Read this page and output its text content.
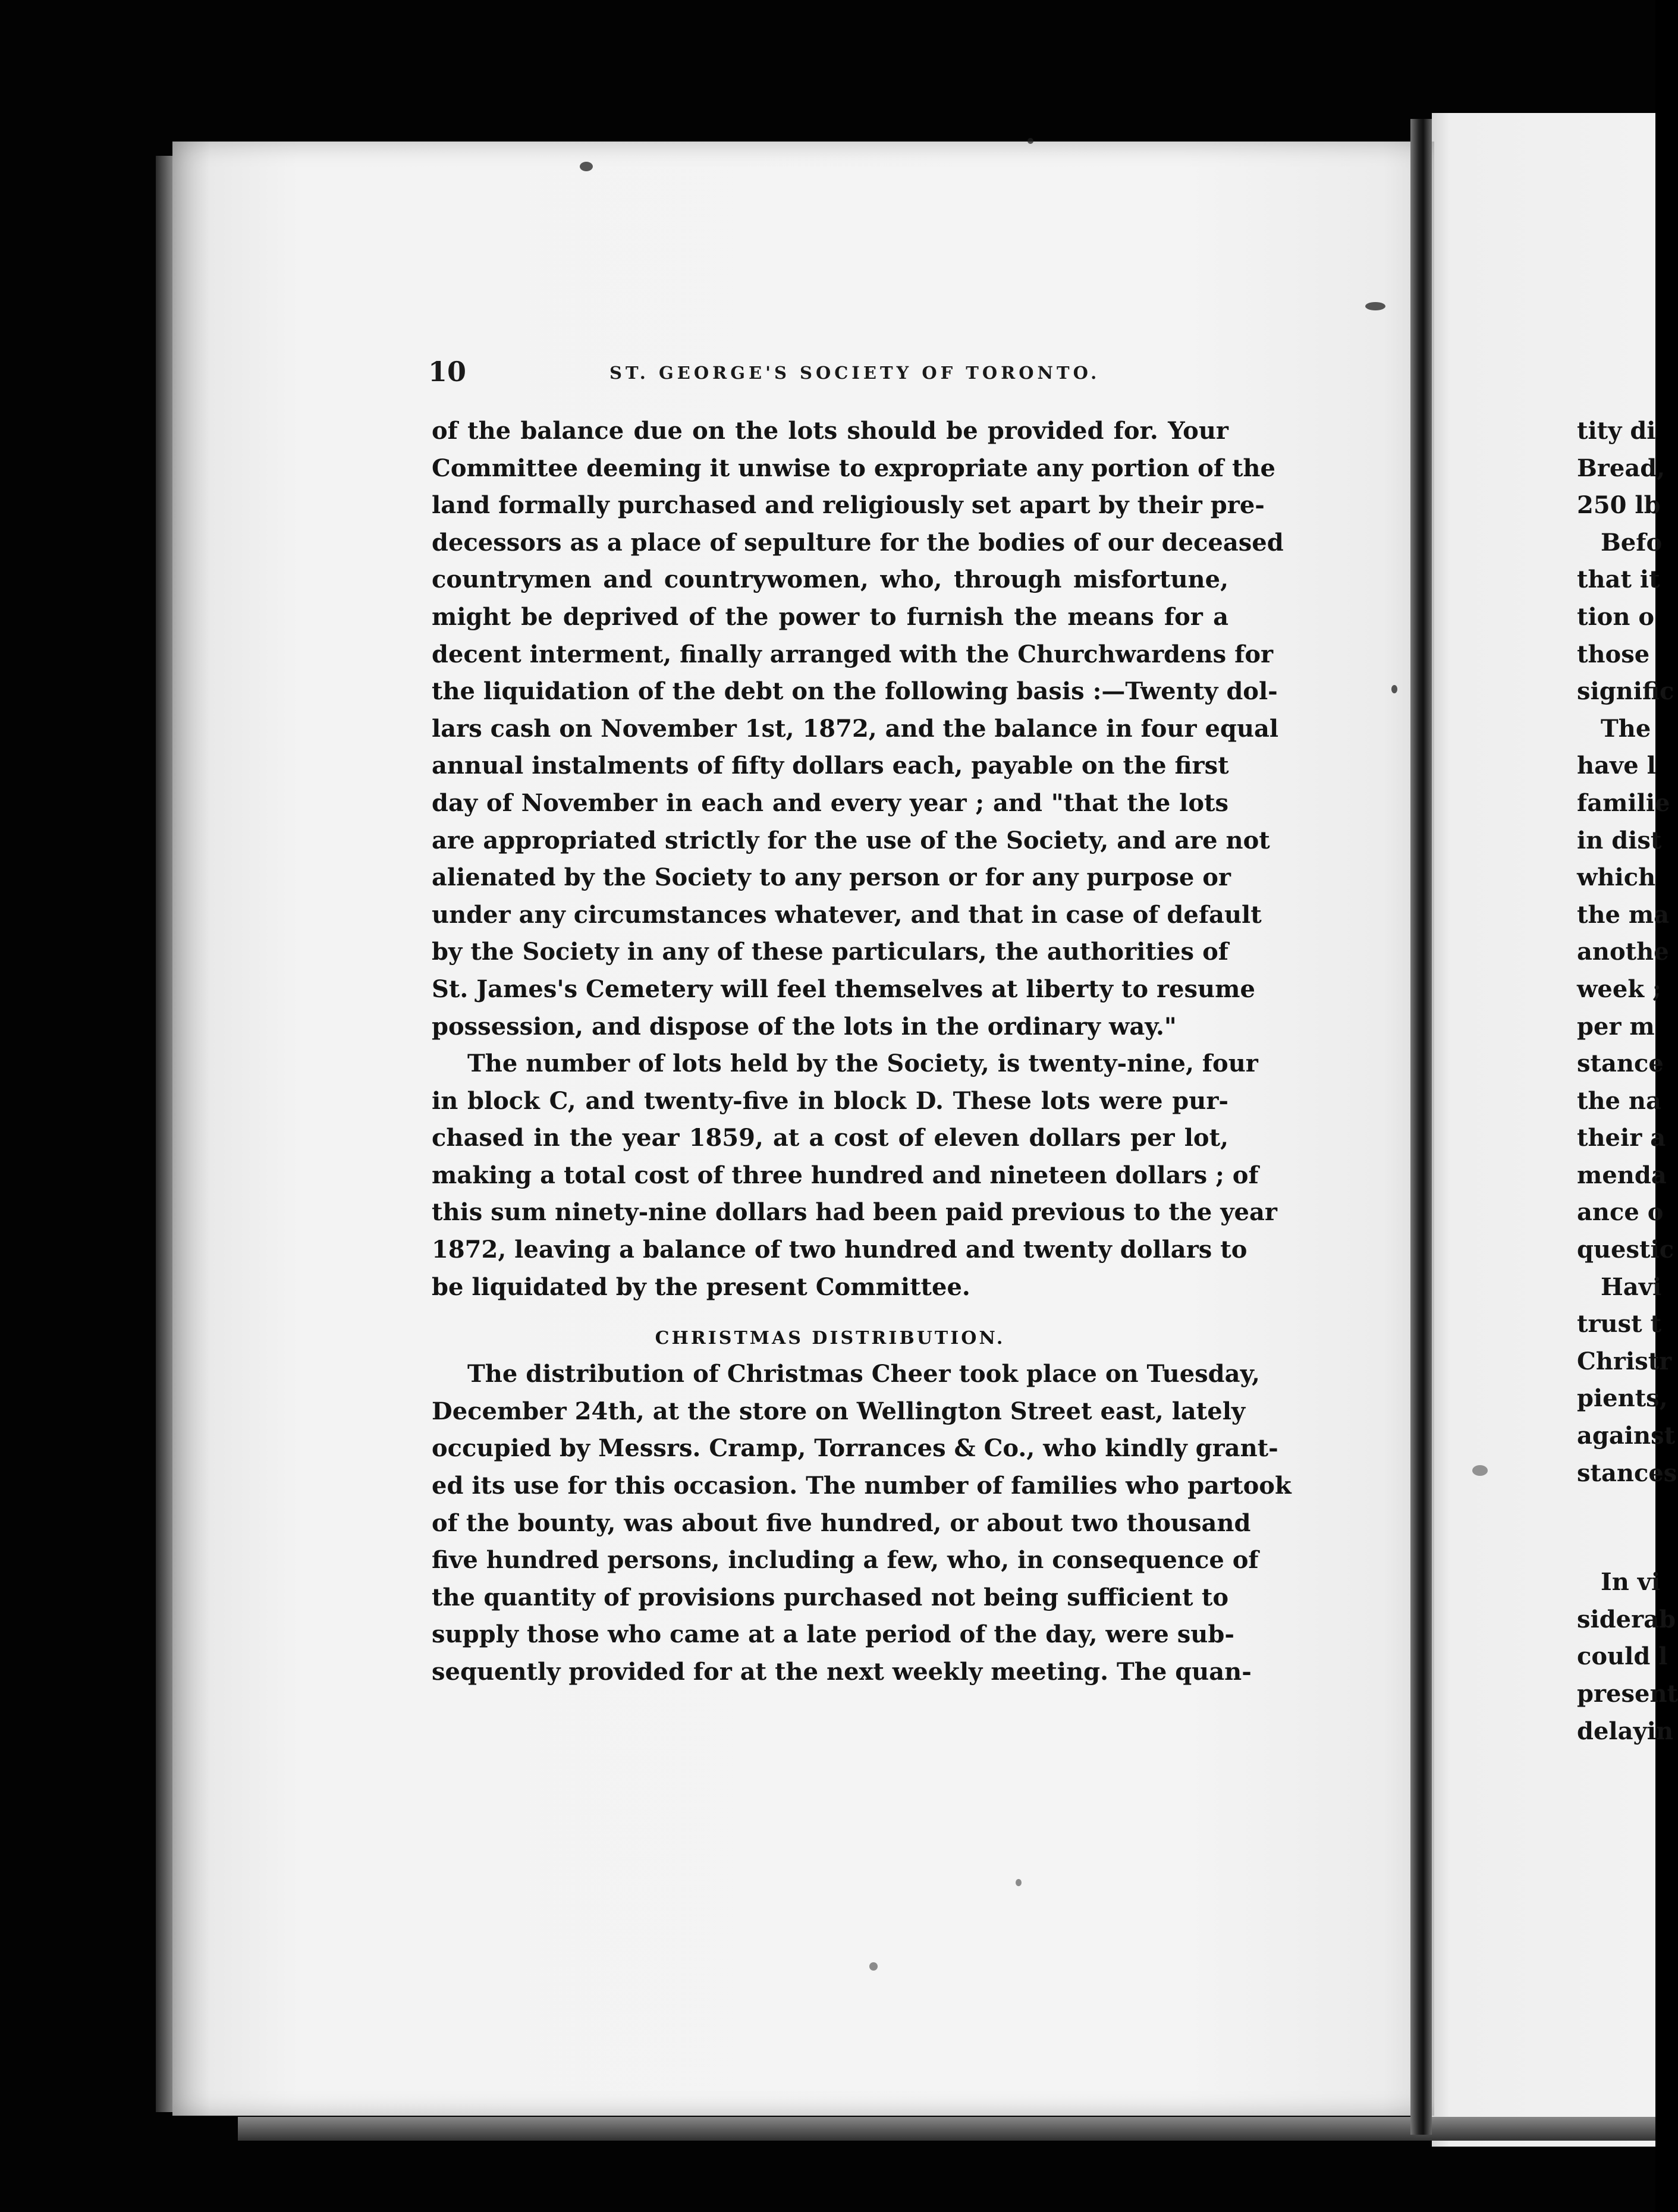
10	ST. GEORGE'S SOCIETY OF TORONTO.
of the balance due on the lots should be provided for. Your
Committee deeming it unwise to expropriate any portion of the
land formally purchased and religiously set apart by their pre-
decessors as a place of sepulture for the bodies of our deceased
countrymen and countrywomen, who, through misfortune,
might be deprived of the power to furnish the means for a
decent interment, finally arranged with the Churchwardens for
the liquidation of the debt on the following basis :—Twenty dol-
lars cash on November 1st, 1872, and the balance in four equal
annual instalments of fifty dollars each, payable on the first
day of November in each and every year ; and "that the lots
are appropriated strictly for the use of the Society, and are not
alienated by the Society to any person or for any purpose or
under any circumstances whatever, and that in case of default
by the Society in any of these particulars, the authorities of
St. James's Cemetery will feel themselves at liberty to resume
possession, and dispose of the lots in the ordinary way."
The number of lots held by the Society, is twenty-nine, four
in block C, and twenty-five in block D. These lots were pur-
chased in the year 1859, at a cost of eleven dollars per lot,
making a total cost of three hundred and nineteen dollars ; of
this sum ninety-nine dollars had been paid previous to the year
1872, leaving a balance of two hundred and twenty dollars to
be liquidated by the present Committee.
CHRISTMAS DISTRIBUTION.
The distribution of Christmas Cheer took place on Tuesday,
December 24th, at the store on Wellington Street east, lately
occupied by Messrs. Cramp, Torrances & Co., who kindly grant-
ed its use for this occasion. The number of families who partook
of the bounty, was about five hundred, or about two thousand
five hundred persons, including a few, who, in consequence of
the quantity of provisions purchased not being sufficient to
supply those who came at a late period of the day, were sub-
sequently provided for at the next weekly meeting. The quan-
tity di
Bread,
250 lb
Befo
that it
tion o
those
signific
The
have l
familie
in dist
which
the ma
anothe
week ;
per m
stance
the na
their a
menda
ance o
questic
Havi
trust t
Christr
pients,
against
stances
In vi
siderab
could l
present
delayin
